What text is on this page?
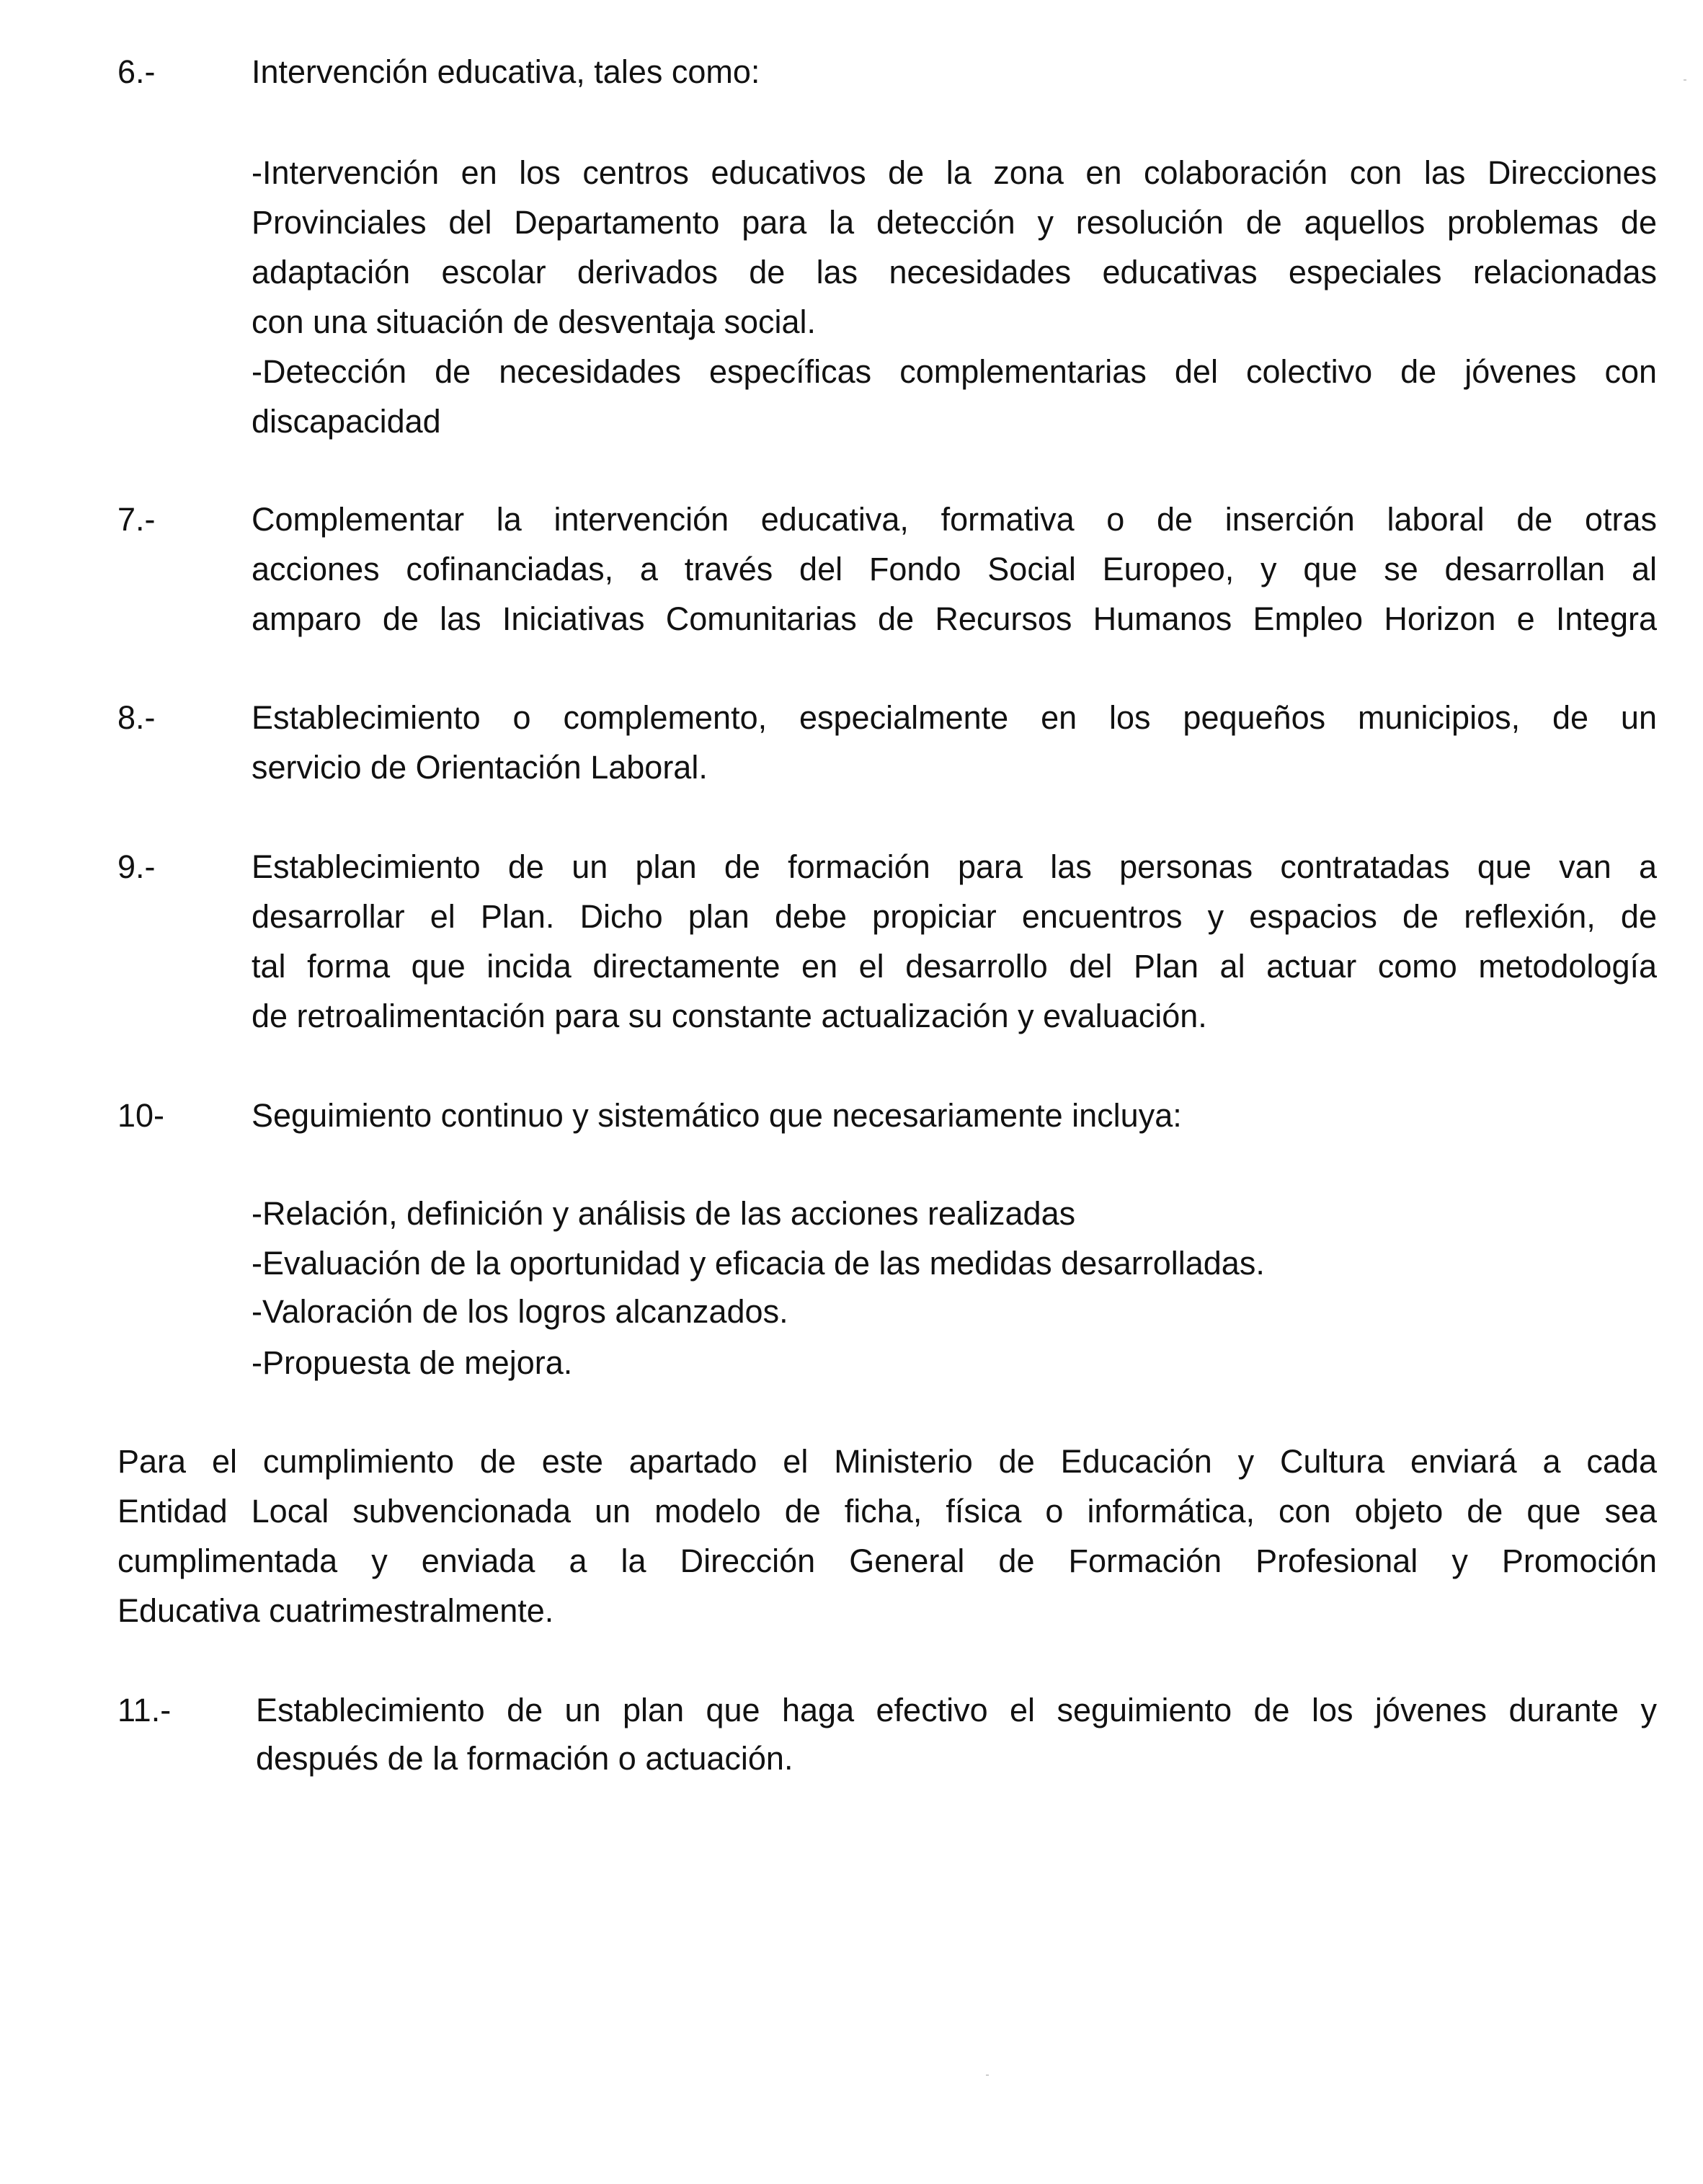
6.-	Intervención educativa, tales como:
-Intervención en los centros educativos de la zona en colaboración con las Direcciones
Provinciales del Departamento para la detección y resolución de aquellos problemas de
adaptación escolar derivados de las necesidades educativas especiales relacionadas
con una situación de desventaja social.
-Detección de necesidades específicas complementarias del colectivo de jóvenes con
discapacidad
7.-	Complementar la intervención educativa, formativa o de inserción laboral de otras
acciones cofinanciadas, a través del Fondo Social Europeo, y que se desarrollan al
amparo de las Iniciativas Comunitarias de Recursos Humanos Empleo Horizon e Integra
8.-	Establecimiento o complemento, especialmente en los pequeños municipios, de un
servicio de Orientación Laboral.
9.-	Establecimiento de un plan de formación para las personas contratadas que van a
desarrollar el Plan. Dicho plan debe propiciar encuentros y espacios de reflexión, de
tal forma que incida directamente en el desarrollo del Plan al actuar como metodología
de retroalimentación para su constante actualización y evaluación.
10-	Seguimiento continuo y sistemático que necesariamente incluya:
-Relación, definición y análisis de las acciones realizadas
-Evaluación de la oportunidad y eficacia de las medidas desarrolladas.
-Valoración de los logros alcanzados.
-Propuesta de mejora.
Para el cumplimiento de este apartado el Ministerio de Educación y Cultura enviará a cada
Entidad Local subvencionada un modelo de ficha, física o informática, con objeto de que sea
cumplimentada y enviada a la Dirección General de Formación Profesional y Promoción
Educativa cuatrimestralmente.
11.-	Establecimiento de un plan que haga efectivo el seguimiento de los jóvenes durante y
después de la formación o actuación.
